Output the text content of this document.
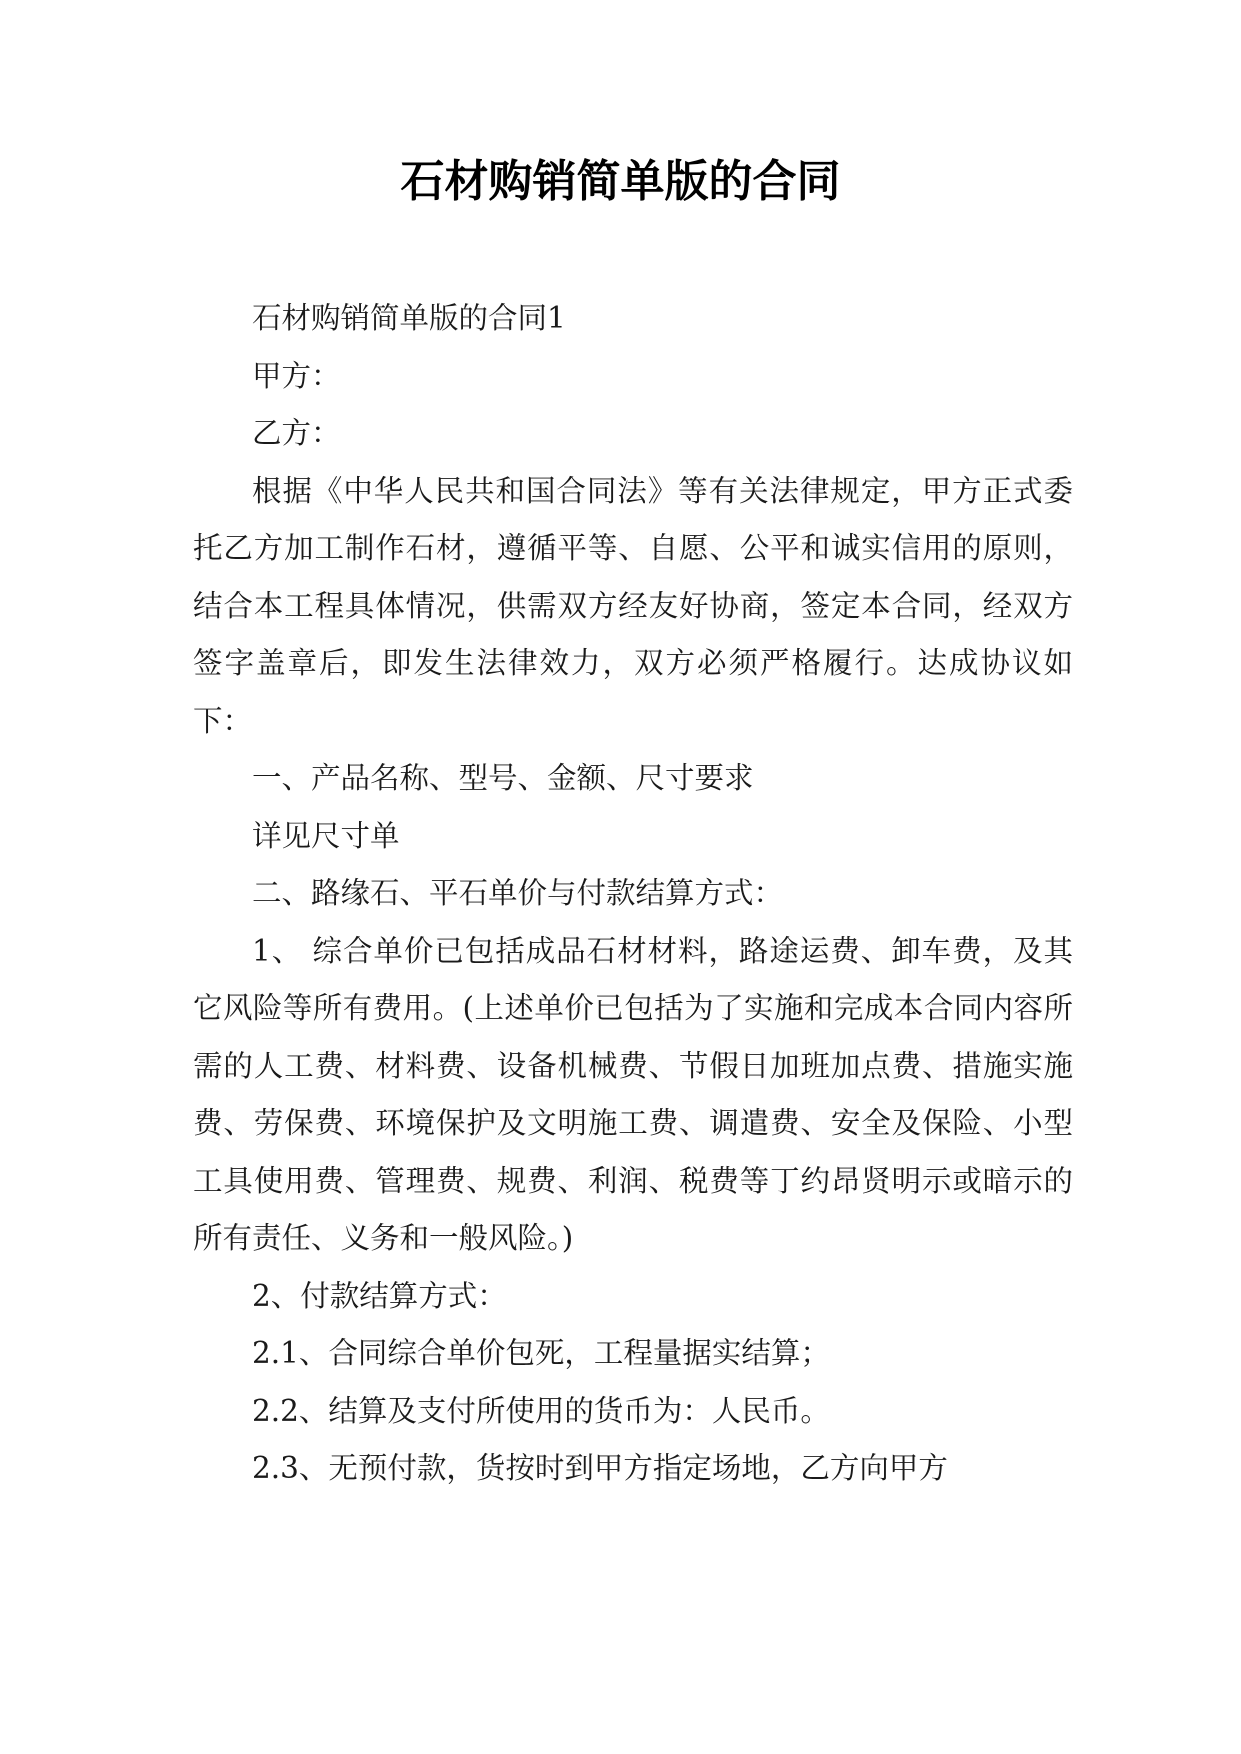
石材购销简单版的合同

石材购销简单版的合同1

甲方：

乙方：

根据《中华人民共和国合同法》等有关法律规定，甲方正式委托乙方加工制作石材，遵循平等、自愿、公平和诚实信用的原则，结合本工程具体情况，供需双方经友好协商，签定本合同，经双方签字盖章后，即发生法律效力，双方必须严格履行。达成协议如下：

一、产品名称、型号、金额、尺寸要求

详见尺寸单

二、路缘石、平石单价与付款结算方式：

1、 综合单价已包括成品石材材料，路途运费、卸车费，及其它风险等所有费用。(上述单价已包括为了实施和完成本合同内容所需的人工费、材料费、设备机械费、节假日加班加点费、措施实施费、劳保费、环境保护及文明施工费、调遣费、安全及保险、小型工具使用费、管理费、规费、利润、税费等丁约昂贤明示或暗示的所有责任、义务和一般风险。)

2、付款结算方式：

2.1、合同综合单价包死，工程量据实结算；

2.2、结算及支付所使用的货币为：人民币。

2.3、无预付款，货按时到甲方指定场地，乙方向甲方
